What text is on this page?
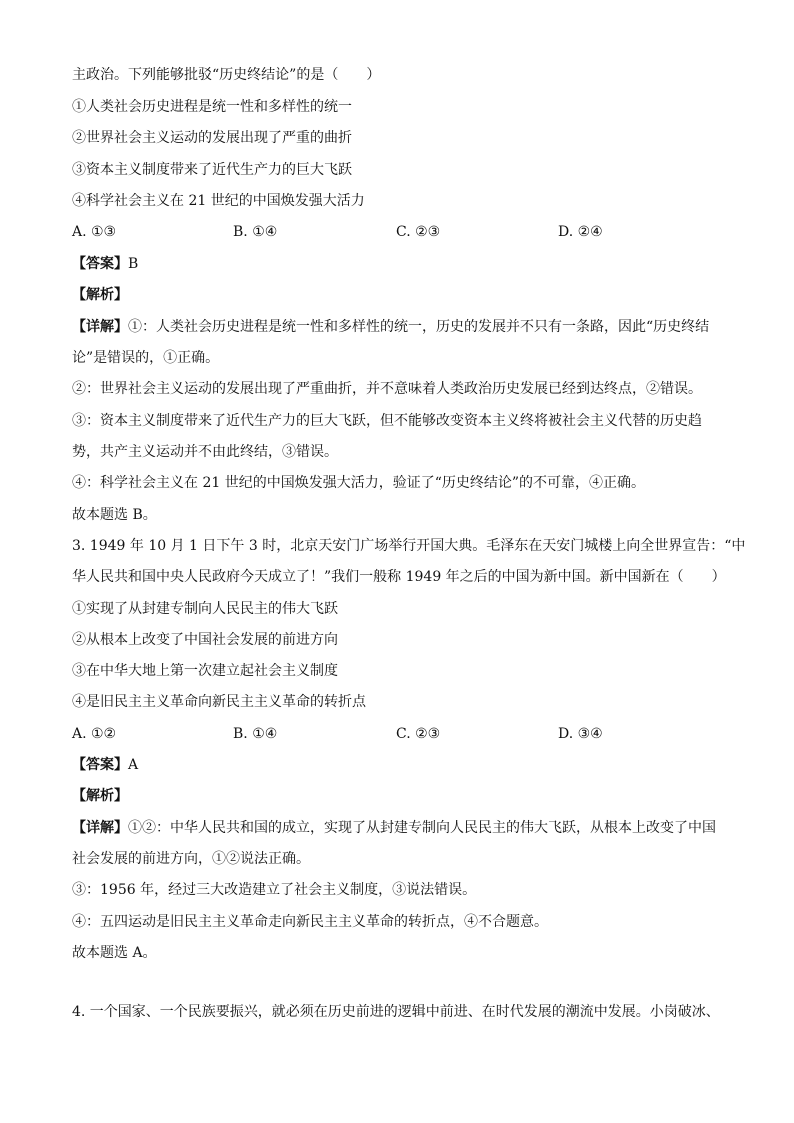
主政治。下列能够批驳“历史终结论”的是（　　）
①人类社会历史进程是统一性和多样性的统一
②世界社会主义运动的发展出现了严重的曲折
③资本主义制度带来了近代生产力的巨大飞跃
④科学社会主义在 21 世纪的中国焕发强大活力
A. ①③	B. ①④	C. ②③	D. ②④
【答案】B
【解析】
【详解】①：人类社会历史进程是统一性和多样性的统一，历史的发展并不只有一条路，因此“历史终结
论”是错误的，①正确。
②：世界社会主义运动的发展出现了严重曲折，并不意味着人类政治历史发展已经到达终点，②错误。
③：资本主义制度带来了近代生产力的巨大飞跃，但不能够改变资本主义终将被社会主义代替的历史趋
势，共产主义运动并不由此终结，③错误。
④：科学社会主义在 21 世纪的中国焕发强大活力，验证了“历史终结论”的不可靠，④正确。
故本题选 B。
3. 1949 年 10 月 1 日下午 3 时，北京天安门广场举行开国大典。毛泽东在天安门城楼上向全世界宣告：“中
华人民共和国中央人民政府今天成立了！”我们一般称 1949 年之后的中国为新中国。新中国新在（　　）
①实现了从封建专制向人民民主的伟大飞跃
②从根本上改变了中国社会发展的前进方向
③在中华大地上第一次建立起社会主义制度
④是旧民主主义革命向新民主主义革命的转折点
A. ①②	B. ①④	C. ②③	D. ③④
【答案】A
【解析】
【详解】①②：中华人民共和国的成立，实现了从封建专制向人民民主的伟大飞跃，从根本上改变了中国
社会发展的前进方向，①②说法正确。
③：1956 年，经过三大改造建立了社会主义制度，③说法错误。
④：五四运动是旧民主主义革命走向新民主主义革命的转折点，④不合题意。
故本题选 A。
4. 一个国家、一个民族要振兴，就必须在历史前进的逻辑中前进、在时代发展的潮流中发展。小岗破冰、
